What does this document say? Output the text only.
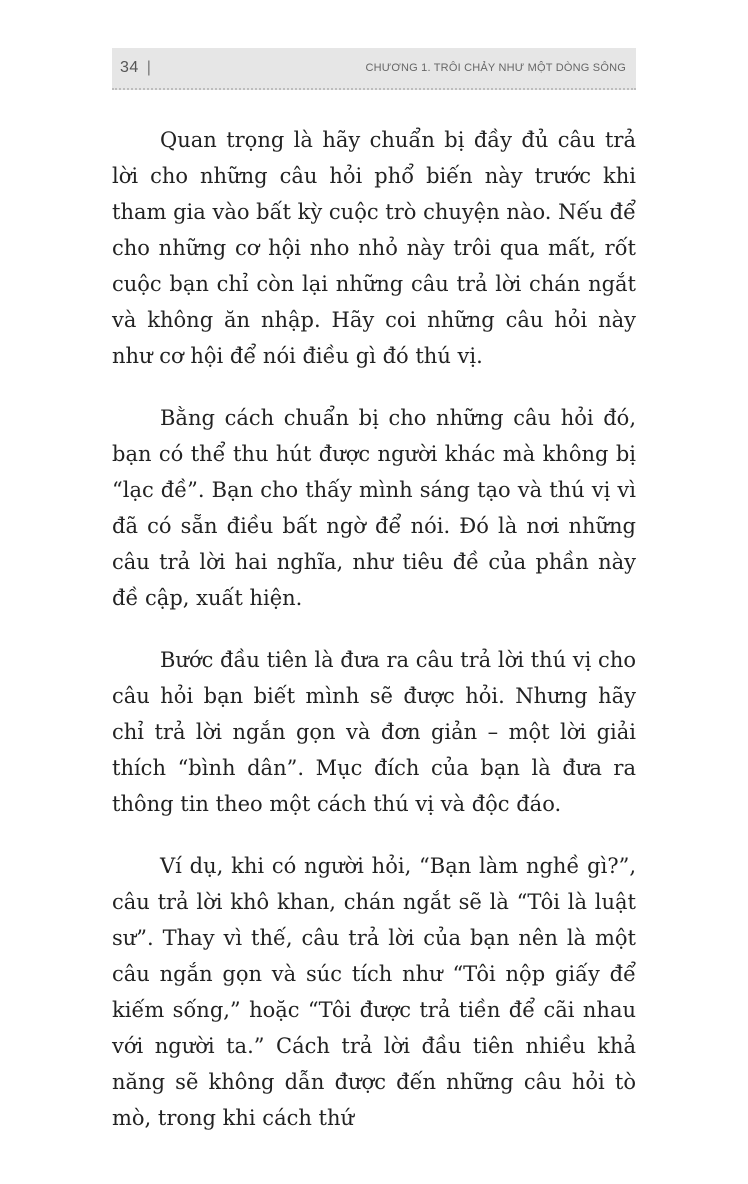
34 |	CHƯƠNG 1. TRÔI CHẢY NHƯ MỘT DÒNG SÔNG

Quan trọng là hãy chuẩn bị đầy đủ câu trả lời cho những câu hỏi phổ biến này trước khi tham gia vào bất kỳ cuộc trò chuyện nào. Nếu để cho những cơ hội nho nhỏ này trôi qua mất, rốt cuộc bạn chỉ còn lại những câu trả lời chán ngắt và không ăn nhập. Hãy coi những câu hỏi này như cơ hội để nói điều gì đó thú vị.

Bằng cách chuẩn bị cho những câu hỏi đó, bạn có thể thu hút được người khác mà không bị “lạc đề”. Bạn cho thấy mình sáng tạo và thú vị vì đã có sẵn điều bất ngờ để nói. Đó là nơi những câu trả lời hai nghĩa, như tiêu đề của phần này đề cập, xuất hiện.

Bước đầu tiên là đưa ra câu trả lời thú vị cho câu hỏi bạn biết mình sẽ được hỏi. Nhưng hãy chỉ trả lời ngắn gọn và đơn giản – một lời giải thích “bình dân”. Mục đích của bạn là đưa ra thông tin theo một cách thú vị và độc đáo.

Ví dụ, khi có người hỏi, “Bạn làm nghề gì?”, câu trả lời khô khan, chán ngắt sẽ là “Tôi là luật sư”. Thay vì thế, câu trả lời của bạn nên là một câu ngắn gọn và súc tích như “Tôi nộp giấy để kiếm sống,” hoặc “Tôi được trả tiền để cãi nhau với người ta.” Cách trả lời đầu tiên nhiều khả năng sẽ không dẫn được đến những câu hỏi tò mò, trong khi cách thứ
